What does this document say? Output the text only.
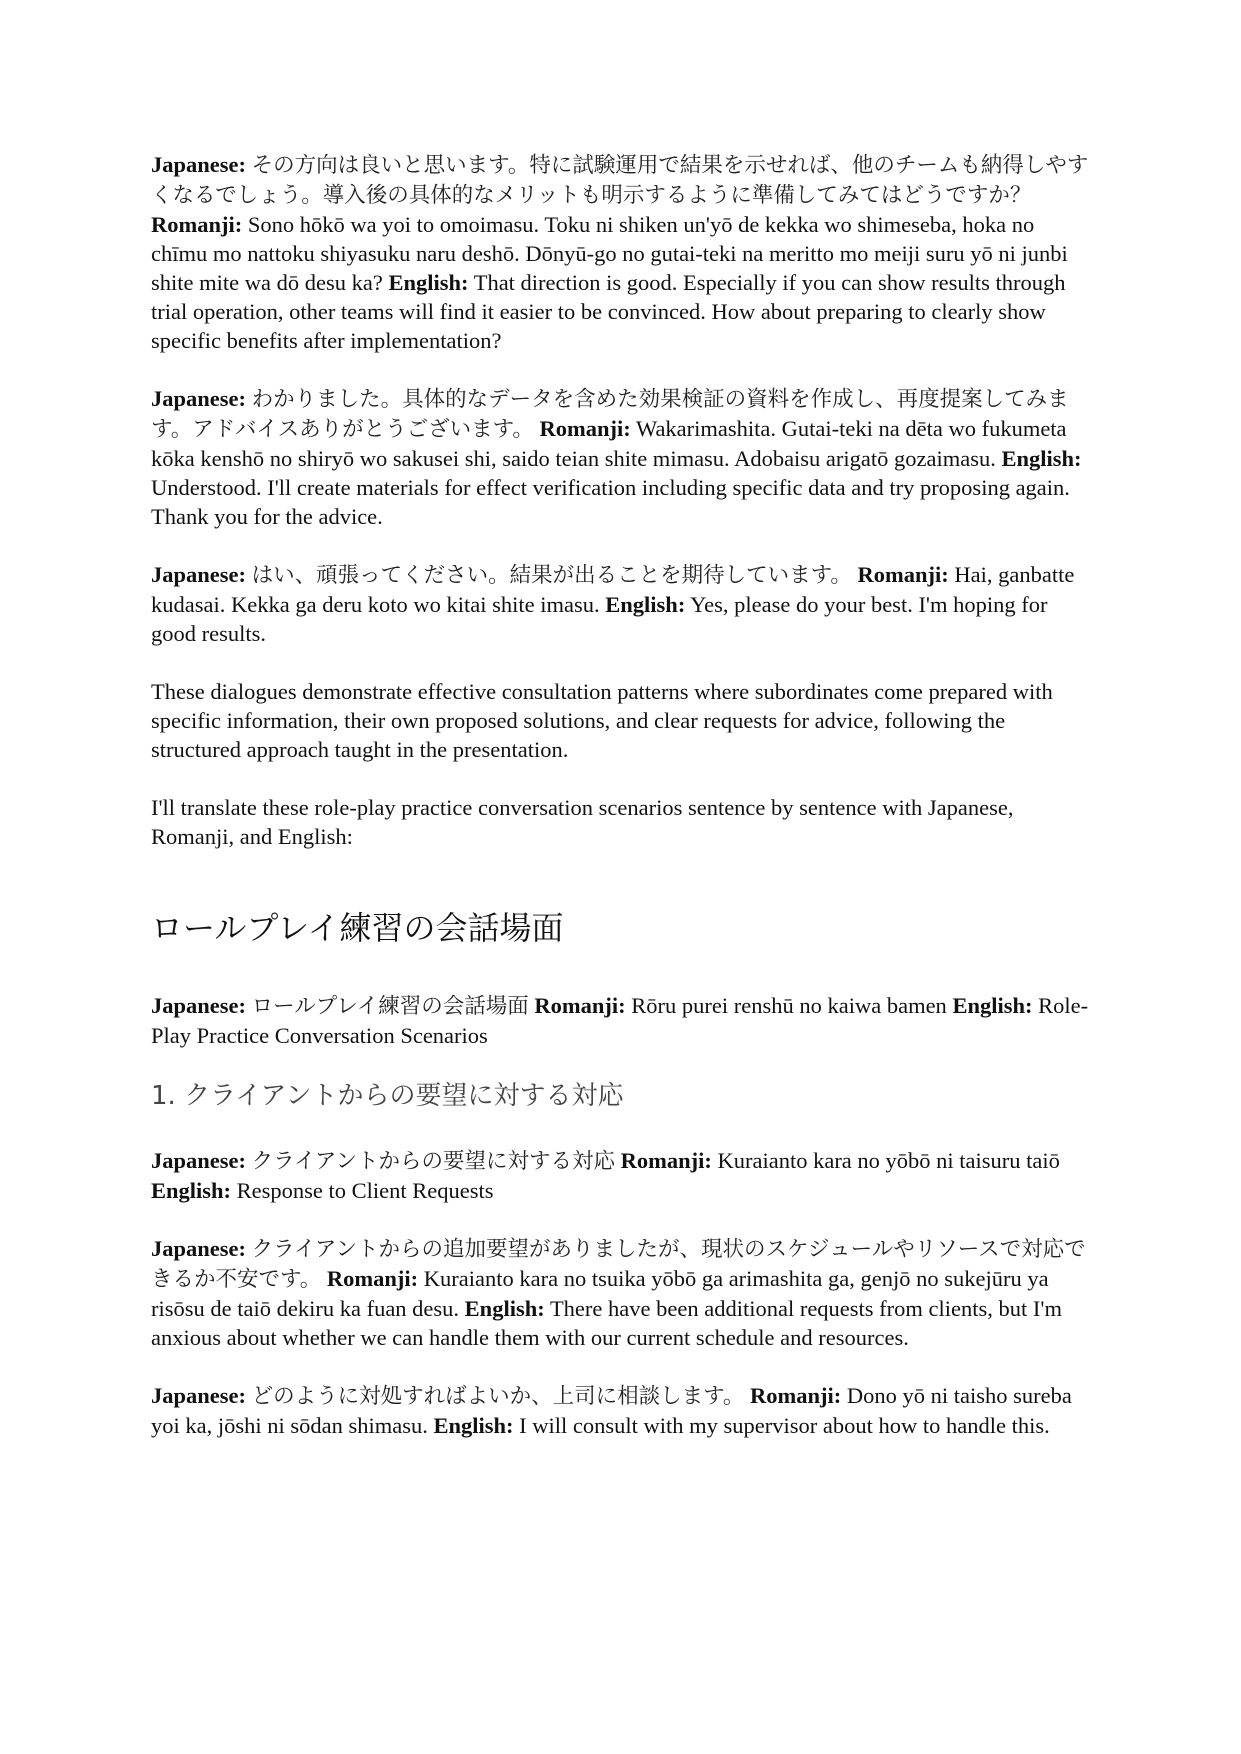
Japanese: その方向は良いと思います。特に試験運用で結果を示せれば、他のチームも納得しやすくなるでしょう。導入後の具体的なメリットも明示するように準備してみてはどうですか？ Romanji: Sono hōkō wa yoi to omoimasu. Toku ni shiken un'yō de kekka wo shimeseba, hoka no chīmu mo nattoku shiyasuku naru deshō. Dōnyū-go no gutai-teki na meritto mo meiji suru yō ni junbi shite mite wa dō desu ka? English: That direction is good. Especially if you can show results through trial operation, other teams will find it easier to be convinced. How about preparing to clearly show specific benefits after implementation?

Japanese: わかりました。具体的なデータを含めた効果検証の資料を作成し、再度提案してみます。アドバイスありがとうございます。 Romanji: Wakarimashita. Gutai-teki na dēta wo fukumeta kōka kenshō no shiryō wo sakusei shi, saido teian shite mimasu. Adobaisu arigatō gozaimasu. English: Understood. I'll create materials for effect verification including specific data and try proposing again. Thank you for the advice.

Japanese: はい、頑張ってください。結果が出ることを期待しています。 Romanji: Hai, ganbatte kudasai. Kekka ga deru koto wo kitai shite imasu. English: Yes, please do your best. I'm hoping for good results.

These dialogues demonstrate effective consultation patterns where subordinates come prepared with specific information, their own proposed solutions, and clear requests for advice, following the structured approach taught in the presentation.

I'll translate these role-play practice conversation scenarios sentence by sentence with Japanese, Romanji, and English:

ロールプレイ練習の会話場面

Japanese: ロールプレイ練習の会話場面 Romanji: Rōru purei renshū no kaiwa bamen English: Role-Play Practice Conversation Scenarios

1. クライアントからの要望に対する対応

Japanese: クライアントからの要望に対する対応 Romanji: Kuraianto kara no yōbō ni taisuru taiō English: Response to Client Requests

Japanese: クライアントからの追加要望がありましたが、現状のスケジュールやリソースで対応できるか不安です。 Romanji: Kuraianto kara no tsuika yōbō ga arimashita ga, genjō no sukejūru ya risōsu de taiō dekiru ka fuan desu. English: There have been additional requests from clients, but I'm anxious about whether we can handle them with our current schedule and resources.

Japanese: どのように対処すればよいか、上司に相談します。 Romanji: Dono yō ni taisho sureba yoi ka, jōshi ni sōdan shimasu. English: I will consult with my supervisor about how to handle this.
